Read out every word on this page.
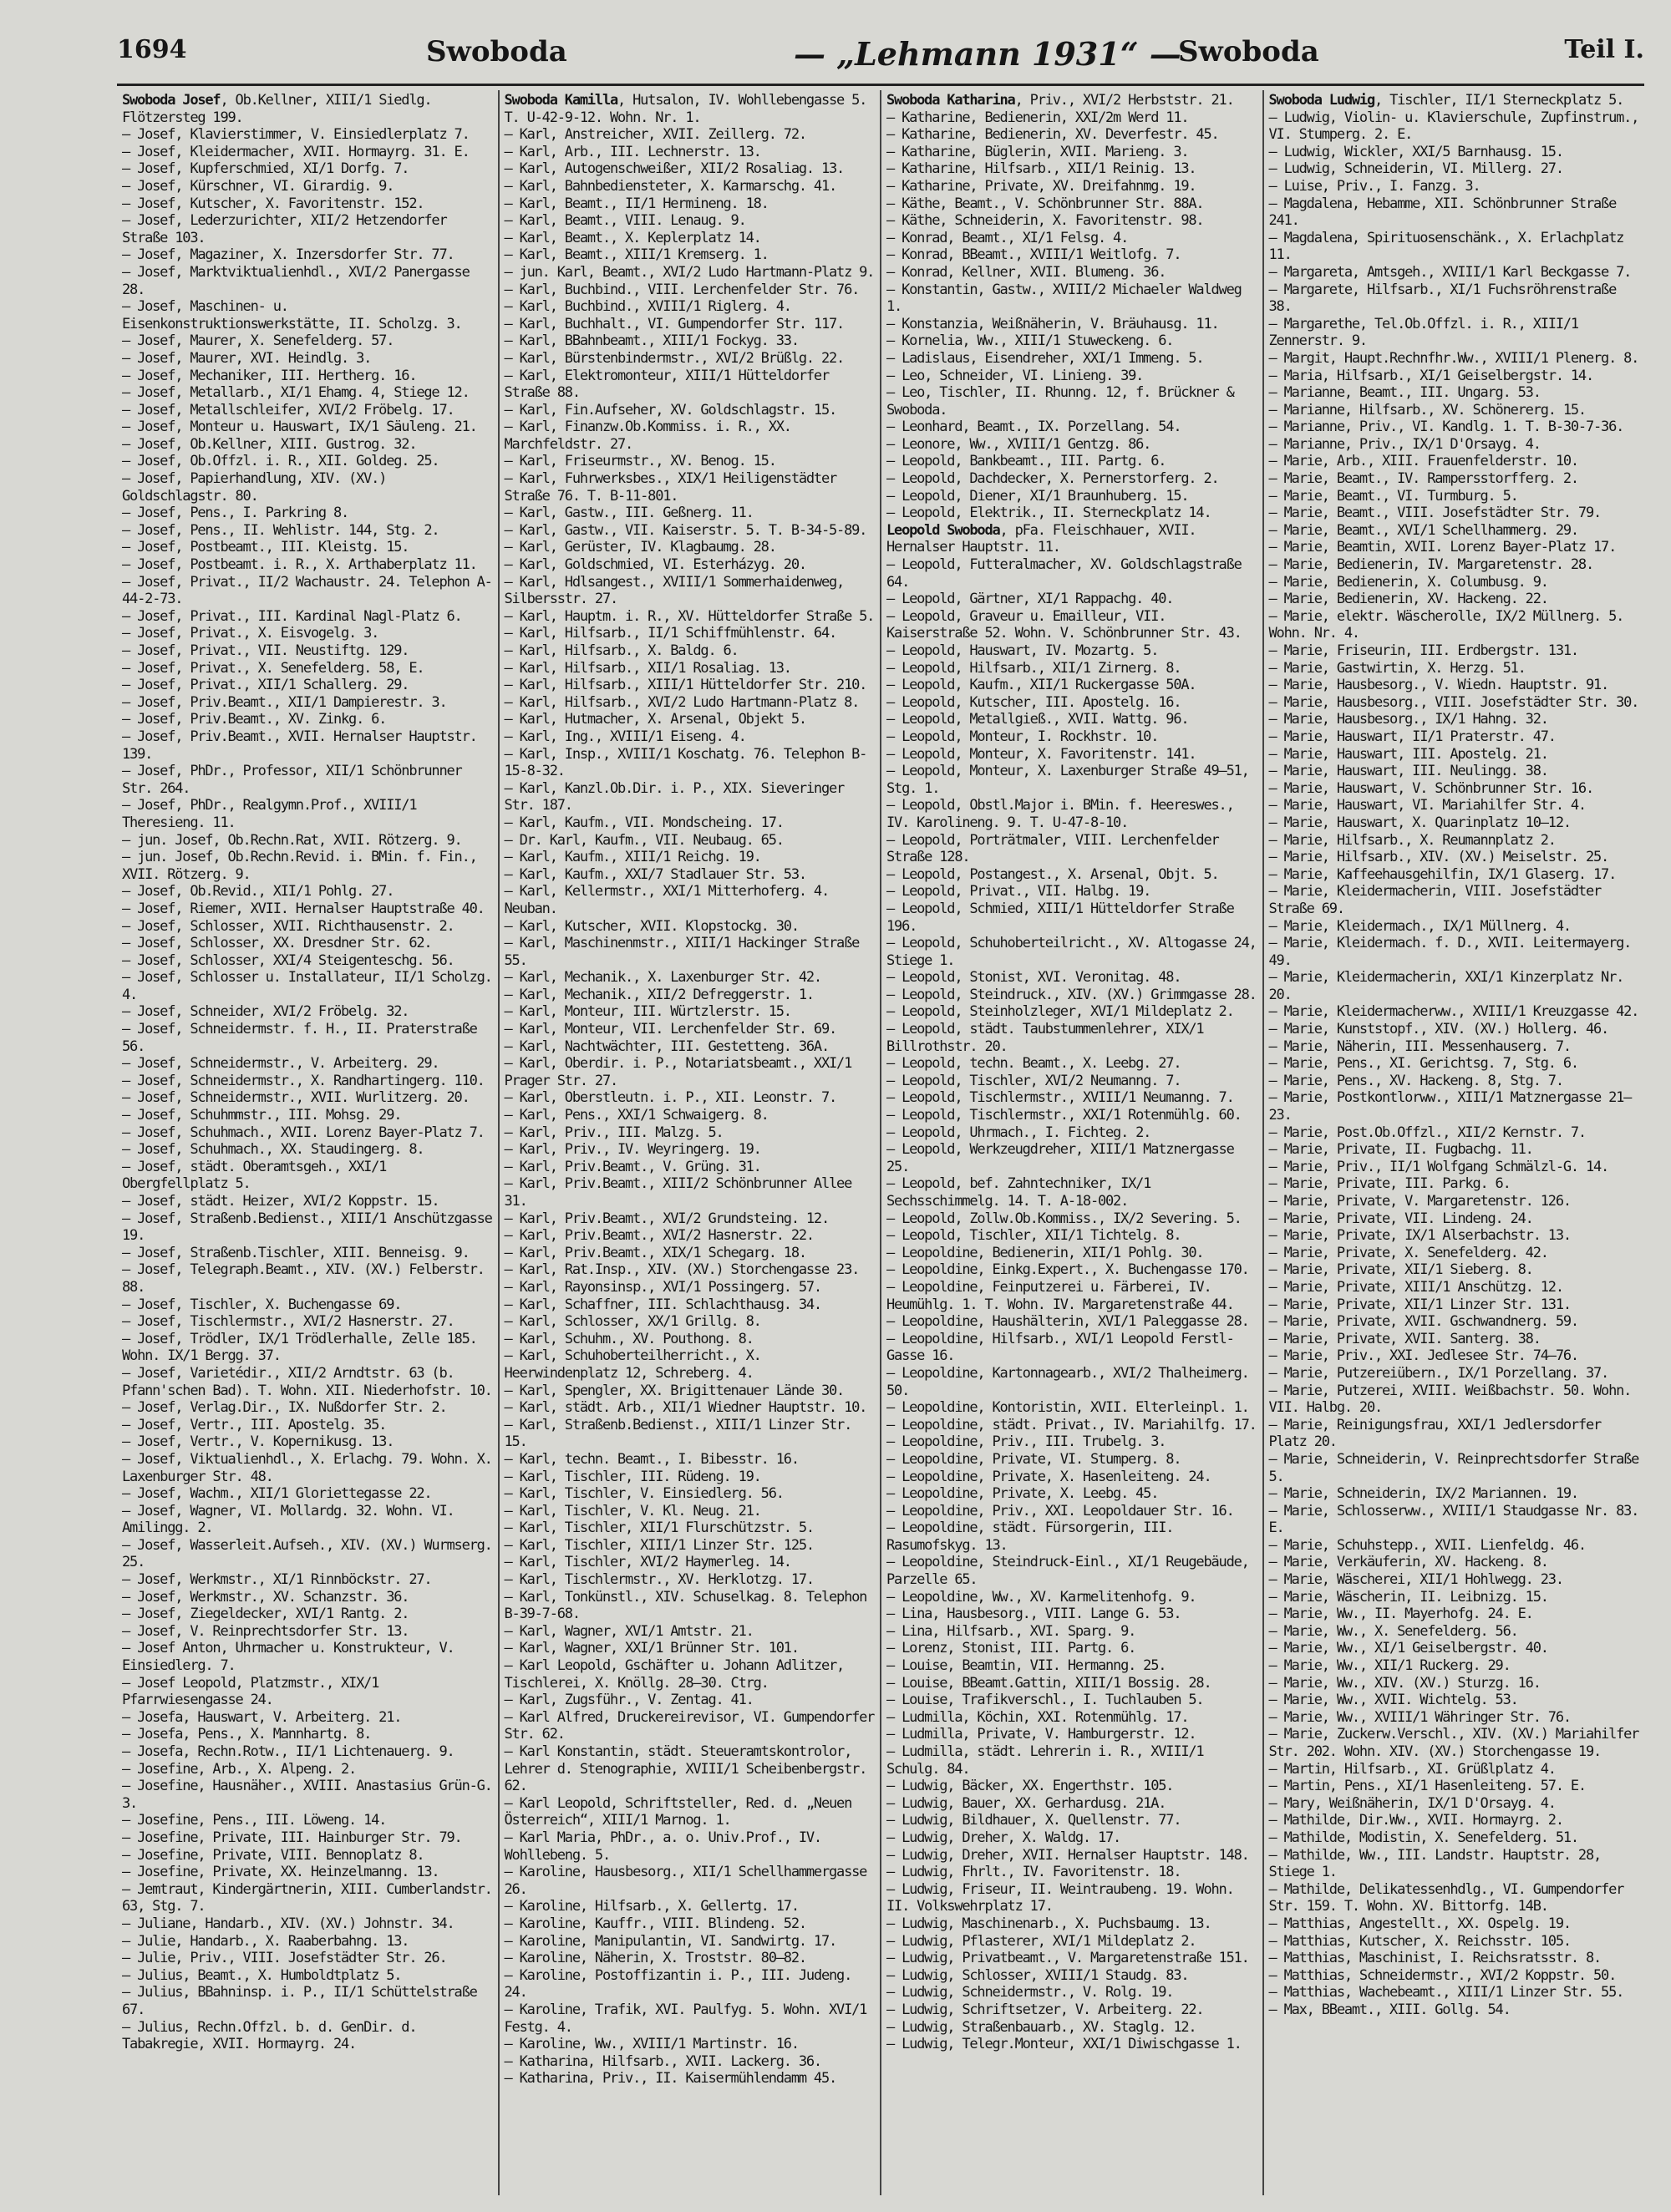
1694	Swoboda	— „Lehmann 1931“ —
Swoboda	Teil I.
Swoboda Josef, Ob.Kellner, XIII/1 Siedlg. Flötzersteg 199.
— Josef, Klavierstimmer, V. Einsiedlerplatz 7.
— Josef, Kleidermacher, XVII. Hormayrg. 31. E.
— Josef, Kupferschmied, XI/1 Dorfg. 7.
— Josef, Kürschner, VI. Girardig. 9.
— Josef, Kutscher, X. Favoritenstr. 152.
— Josef, Lederzurichter, XII/2 Hetzendorfer Straße 103.
— Josef, Magaziner, X. Inzersdorfer Str. 77.
— Josef, Marktviktualienhdl., XVI/2 Panergasse 28.
— Josef, Maschinen- u. Eisenkonstruktionswerkstätte, II. Scholzg. 3.
— Josef, Maurer, X. Senefelderg. 57.
— Josef, Maurer, XVI. Heindlg. 3.
— Josef, Mechaniker, III. Hertherg. 16.
— Josef, Metallarb., XI/1 Ehamg. 4, Stiege 12.
— Josef, Metallschleifer, XVI/2 Fröbelg. 17.
— Josef, Monteur u. Hauswart, IX/1 Säuleng. 21.
— Josef, Ob.Kellner, XIII. Gustrog. 32.
— Josef, Ob.Offzl. i. R., XII. Goldeg. 25.
— Josef, Papierhandlung, XIV. (XV.) Goldschlagstr. 80.
— Josef, Pens., I. Parkring 8.
— Josef, Pens., II. Wehlistr. 144, Stg. 2.
— Josef, Postbeamt., III. Kleistg. 15.
— Josef, Postbeamt. i. R., X. Arthaberplatz 11.
— Josef, Privat., II/2 Wachaustr. 24. Telephon A-44-2-73.
— Josef, Privat., III. Kardinal Nagl-Platz 6.
— Josef, Privat., X. Eisvogelg. 3.
— Josef, Privat., VII. Neustiftg. 129.
— Josef, Privat., X. Senefelderg. 58, E.
— Josef, Privat., XII/1 Schallerg. 29.
— Josef, Priv.Beamt., XII/1 Dampierestr. 3.
— Josef, Priv.Beamt., XV. Zinkg. 6.
— Josef, Priv.Beamt., XVII. Hernalser Hauptstr. 139.
— Josef, PhDr., Professor, XII/1 Schönbrunner Str. 264.
— Josef, PhDr., Realgymn.Prof., XVIII/1 Theresieng. 11.
— jun. Josef, Ob.Rechn.Rat, XVII. Rötzerg. 9.
— jun. Josef, Ob.Rechn.Revid. i. BMin. f. Fin., XVII. Rötzerg. 9.
— Josef, Ob.Revid., XII/1 Pohlg. 27.
— Josef, Riemer, XVII. Hernalser Hauptstraße 40.
— Josef, Schlosser, XVII. Richthausenstr. 2.
— Josef, Schlosser, XX. Dresdner Str. 62.
— Josef, Schlosser, XXI/4 Steigenteschg. 56.
— Josef, Schlosser u. Installateur, II/1 Scholzg. 4.
— Josef, Schneider, XVI/2 Fröbelg. 32.
— Josef, Schneidermstr. f. H., II. Praterstraße 56.
— Josef, Schneidermstr., V. Arbeiterg. 29.
— Josef, Schneidermstr., X. Randhartingerg. 110.
— Josef, Schneidermstr., XVII. Wurlitzerg. 20.
— Josef, Schuhmmstr., III. Mohsg. 29.
— Josef, Schuhmach., XVII. Lorenz Bayer-Platz 7.
— Josef, Schuhmach., XX. Staudingerg. 8.
— Josef, städt. Oberamtsgeh., XXI/1 Obergfellplatz 5.
— Josef, städt. Heizer, XVI/2 Koppstr. 15.
— Josef, Straßenb.Bedienst., XIII/1 Anschützgasse 19.
— Josef, Straßenb.Tischler, XIII. Benneisg. 9.
— Josef, Telegraph.Beamt., XIV. (XV.) Felberstr. 88.
— Josef, Tischler, X. Buchengasse 69.
— Josef, Tischlermstr., XVI/2 Hasnerstr. 27.
— Josef, Trödler, IX/1 Trödlerhalle, Zelle 185. Wohn. IX/1 Bergg. 37.
— Josef, Varietédir., XII/2 Arndtstr. 63 (b. Pfann'schen Bad). T. Wohn. XII. Niederhofstr. 10.
— Josef, Verlag.Dir., IX. Nußdorfer Str. 2.
— Josef, Vertr., III. Apostelg. 35.
— Josef, Vertr., V. Kopernikusg. 13.
— Josef, Viktualienhdl., X. Erlachg. 79. Wohn. X. Laxenburger Str. 48.
— Josef, Wachm., XII/1 Gloriettegasse 22.
— Josef, Wagner, VI. Mollardg. 32. Wohn. VI. Amilingg. 2.
— Josef, Wasserleit.Aufseh., XIV. (XV.) Wurmserg. 25.
— Josef, Werkmstr., XI/1 Rinnböckstr. 27.
— Josef, Werkmstr., XV. Schanzstr. 36.
— Josef, Ziegeldecker, XVI/1 Rantg. 2.
— Josef, V. Reinprechtsdorfer Str. 13.
— Josef Anton, Uhrmacher u. Konstrukteur, V. Einsiedlerg. 7.
— Josef Leopold, Platzmstr., XIX/1 Pfarrwiesengasse 24.
— Josefa, Hauswart, V. Arbeiterg. 21.
— Josefa, Pens., X. Mannhartg. 8.
— Josefa, Rechn.Rotw., II/1 Lichtenauerg. 9.
— Josefine, Arb., X. Alpeng. 2.
— Josefine, Hausnäher., XVIII. Anastasius Grün-G. 3.
— Josefine, Pens., III. Löweng. 14.
— Josefine, Private, III. Hainburger Str. 79.
— Josefine, Private, VIII. Bennoplatz 8.
— Josefine, Private, XX. Heinzelmanng. 13.
— Jemtraut, Kindergärtnerin, XIII. Cumberlandstr. 63, Stg. 7.
— Juliane, Handarb., XIV. (XV.) Johnstr. 34.
— Julie, Handarb., X. Raaberbahng. 13.
— Julie, Priv., VIII. Josefstädter Str. 26.
— Julius, Beamt., X. Humboldtplatz 5.
— Julius, BBahninsp. i. P., II/1 Schüttelstraße 67.
— Julius, Rechn.Offzl. b. d. GenDir. d. Tabakregie, XVII. Hormayrg. 24.
Swoboda Kamilla, Hutsalon, IV. Wohllebengasse 5. T. U-42-9-12. Wohn. Nr. 1.
— Karl, Anstreicher, XVII. Zeillerg. 72.
— Karl, Arb., III. Lechnerstr. 13.
— Karl, Autogenschweißer, XII/2 Rosaliag. 13.
— Karl, Bahnbediensteter, X. Karmarschg. 41.
— Karl, Beamt., II/1 Hermineng. 18.
— Karl, Beamt., VIII. Lenaug. 9.
— Karl, Beamt., X. Keplerplatz 14.
— Karl, Beamt., XIII/1 Kremserg. 1.
— jun. Karl, Beamt., XVI/2 Ludo Hartmann-Platz 9.
— Karl, Buchbind., VIII. Lerchenfelder Str. 76.
— Karl, Buchbind., XVIII/1 Riglerg. 4.
— Karl, Buchhalt., VI. Gumpendorfer Str. 117.
— Karl, BBahnbeamt., XIII/1 Fockyg. 33.
— Karl, Bürstenbindermstr., XVI/2 Brüßlg. 22.
— Karl, Elektromonteur, XIII/1 Hütteldorfer Straße 88.
— Karl, Fin.Aufseher, XV. Goldschlagstr. 15.
— Karl, Finanzw.Ob.Kommiss. i. R., XX. Marchfeldstr. 27.
— Karl, Friseurmstr., XV. Benog. 15.
— Karl, Fuhrwerksbes., XIX/1 Heiligenstädter Straße 76. T. B-11-801.
— Karl, Gastw., III. Geßnerg. 11.
— Karl, Gastw., VII. Kaiserstr. 5. T. B-34-5-89.
— Karl, Gerüster, IV. Klagbaumg. 28.
— Karl, Goldschmied, VI. Esterházyg. 20.
— Karl, Hdlsangest., XVIII/1 Sommerhaidenweg, Silbersstr. 27.
— Karl, Hauptm. i. R., XV. Hütteldorfer Straße 5.
— Karl, Hilfsarb., II/1 Schiffmühlenstr. 64.
— Karl, Hilfsarb., X. Baldg. 6.
— Karl, Hilfsarb., XII/1 Rosaliag. 13.
— Karl, Hilfsarb., XIII/1 Hütteldorfer Str. 210.
— Karl, Hilfsarb., XVI/2 Ludo Hartmann-Platz 8.
— Karl, Hutmacher, X. Arsenal, Objekt 5.
— Karl, Ing., XVIII/1 Eiseng. 4.
— Karl, Insp., XVIII/1 Koschatg. 76. Telephon B-15-8-32.
— Karl, Kanzl.Ob.Dir. i. P., XIX. Sieveringer Str. 187.
— Karl, Kaufm., VII. Mondscheing. 17.
— Dr. Karl, Kaufm., VII. Neubaug. 65.
— Karl, Kaufm., XIII/1 Reichg. 19.
— Karl, Kaufm., XXI/7 Stadlauer Str. 53.
— Karl, Kellermstr., XXI/1 Mitterhoferg. 4. Neuban.
— Karl, Kutscher, XVII. Klopstockg. 30.
— Karl, Maschinenmstr., XIII/1 Hackinger Straße 55.
— Karl, Mechanik., X. Laxenburger Str. 42.
— Karl, Mechanik., XII/2 Defreggerstr. 1.
— Karl, Monteur, III. Würtzlerstr. 15.
— Karl, Monteur, VII. Lerchenfelder Str. 69.
— Karl, Nachtwächter, III. Gestetteng. 36A.
— Karl, Oberdir. i. P., Notariatsbeamt., XXI/1 Prager Str. 27.
— Karl, Oberstleutn. i. P., XII. Leonstr. 7.
— Karl, Pens., XXI/1 Schwaigerg. 8.
— Karl, Priv., III. Malzg. 5.
— Karl, Priv., IV. Weyringerg. 19.
— Karl, Priv.Beamt., V. Grüng. 31.
— Karl, Priv.Beamt., XIII/2 Schönbrunner Allee 31.
— Karl, Priv.Beamt., XVI/2 Grundsteing. 12.
— Karl, Priv.Beamt., XVI/2 Hasnerstr. 22.
— Karl, Priv.Beamt., XIX/1 Schegarg. 18.
— Karl, Rat.Insp., XIV. (XV.) Storchengasse 23.
— Karl, Rayonsinsp., XVI/1 Possingerg. 57.
— Karl, Schaffner, III. Schlachthausg. 34.
— Karl, Schlosser, XX/1 Grillg. 8.
— Karl, Schuhm., XV. Pouthong. 8.
— Karl, Schuhoberteilherricht., X. Heerwindenplatz 12, Schreberg. 4.
— Karl, Spengler, XX. Brigittenauer Lände 30.
— Karl, städt. Arb., XII/1 Wiedner Hauptstr. 10.
— Karl, Straßenb.Bedienst., XIII/1 Linzer Str. 15.
— Karl, techn. Beamt., I. Bibesstr. 16.
— Karl, Tischler, III. Rüdeng. 19.
— Karl, Tischler, V. Einsiedlerg. 56.
— Karl, Tischler, V. Kl. Neug. 21.
— Karl, Tischler, XII/1 Flurschützstr. 5.
— Karl, Tischler, XIII/1 Linzer Str. 125.
— Karl, Tischler, XVI/2 Haymerleg. 14.
— Karl, Tischlermstr., XV. Herklotzg. 17.
— Karl, Tonkünstl., XIV. Schuselkag. 8. Telephon B-39-7-68.
— Karl, Wagner, XVI/1 Amtstr. 21.
— Karl, Wagner, XXI/1 Brünner Str. 101.
— Karl Leopold, Gschäfter u. Johann Adlitzer, Tischlerei, X. Knöllg. 28—30. Ctrg.
— Karl, Zugsführ., V. Zentag. 41.
— Karl Alfred, Druckereirevisor, VI. Gumpendorfer Str. 62.
— Karl Konstantin, städt. Steueramtskontrolor, Lehrer d. Stenographie, XVIII/1 Scheibenbergstr. 62.
— Karl Leopold, Schriftsteller, Red. d. „Neuen Österreich“, XIII/1 Marnog. 1.
— Karl Maria, PhDr., a. o. Univ.Prof., IV. Wohllebeng. 5.
— Karoline, Hausbesorg., XII/1 Schellhammergasse 26.
— Karoline, Hilfsarb., X. Gellertg. 17.
— Karoline, Kauffr., VIII. Blindeng. 52.
— Karoline, Manipulantin, VI. Sandwirtg. 17.
— Karoline, Näherin, X. Troststr. 80—82.
— Karoline, Postoffizantin i. P., III. Judeng. 24.
— Karoline, Trafik, XVI. Paulfyg. 5. Wohn. XVI/1 Festg. 4.
— Karoline, Ww., XVIII/1 Martinstr. 16.
— Katharina, Hilfsarb., XVII. Lackerg. 36.
— Katharina, Priv., II. Kaisermühlendamm 45.
Swoboda Katharina, Priv., XVI/2 Herbststr. 21.
— Katharine, Bedienerin, XXI/2m Werd 11.
— Katharine, Bedienerin, XV. Deverfestr. 45.
— Katharine, Büglerin, XVII. Marieng. 3.
— Katharine, Hilfsarb., XII/1 Reinig. 13.
— Katharine, Private, XV. Dreifahnmg. 19.
— Käthe, Beamt., V. Schönbrunner Str. 88A.
— Käthe, Schneiderin, X. Favoritenstr. 98.
— Konrad, Beamt., XI/1 Felsg. 4.
— Konrad, BBeamt., XVIII/1 Weitlofg. 7.
— Konrad, Kellner, XVII. Blumeng. 36.
— Konstantin, Gastw., XVIII/2 Michaeler Waldweg 1.
— Konstanzia, Weißnäherin, V. Bräuhausg. 11.
— Kornelia, Ww., XIII/1 Stuweckeng. 6.
— Ladislaus, Eisendreher, XXI/1 Immeng. 5.
— Leo, Schneider, VI. Linieng. 39.
— Leo, Tischler, II. Rhunng. 12, f. Brückner & Swoboda.
— Leonhard, Beamt., IX. Porzellang. 54.
— Leonore, Ww., XVIII/1 Gentzg. 86.
— Leopold, Bankbeamt., III. Partg. 6.
— Leopold, Dachdecker, X. Pernerstorferg. 2.
— Leopold, Diener, XI/1 Braunhuberg. 15.
— Leopold, Elektrik., II. Sterneckplatz 14.
Leopold Swoboda, pFa. Fleischhauer, XVII. Hernalser Hauptstr. 11.
— Leopold, Futteralmacher, XV. Goldschlagstraße 64.
— Leopold, Gärtner, XI/1 Rappachg. 40.
— Leopold, Graveur u. Emailleur, VII. Kaiserstraße 52. Wohn. V. Schönbrunner Str. 43.
— Leopold, Hauswart, IV. Mozartg. 5.
— Leopold, Hilfsarb., XII/1 Zirnerg. 8.
— Leopold, Kaufm., XII/1 Ruckergasse 50A.
— Leopold, Kutscher, III. Apostelg. 16.
— Leopold, Metallgieß., XVII. Wattg. 96.
— Leopold, Monteur, I. Rockhstr. 10.
— Leopold, Monteur, X. Favoritenstr. 141.
— Leopold, Monteur, X. Laxenburger Straße 49—51, Stg. 1.
— Leopold, Obstl.Major i. BMin. f. Heereswes., IV. Karolineng. 9. T. U-47-8-10.
— Leopold, Porträtmaler, VIII. Lerchenfelder Straße 128.
— Leopold, Postangest., X. Arsenal, Objt. 5.
— Leopold, Privat., VII. Halbg. 19.
— Leopold, Schmied, XIII/1 Hütteldorfer Straße 196.
— Leopold, Schuhoberteilricht., XV. Altogasse 24, Stiege 1.
— Leopold, Stonist, XVI. Veronitag. 48.
— Leopold, Steindruck., XIV. (XV.) Grimmgasse 28.
— Leopold, Steinholzleger, XVI/1 Mildeplatz 2.
— Leopold, städt. Taubstummenlehrer, XIX/1 Billrothstr. 20.
— Leopold, techn. Beamt., X. Leebg. 27.
— Leopold, Tischler, XVI/2 Neumanng. 7.
— Leopold, Tischlermstr., XVIII/1 Neumanng. 7.
— Leopold, Tischlermstr., XXI/1 Rotenmühlg. 60.
— Leopold, Uhrmach., I. Fichteg. 2.
— Leopold, Werkzeugdreher, XIII/1 Matznergasse 25.
— Leopold, bef. Zahntechniker, IX/1 Sechsschimmelg. 14. T. A-18-002.
— Leopold, Zollw.Ob.Kommiss., IX/2 Severing. 5.
— Leopold, Tischler, XII/1 Tichtelg. 8.
— Leopoldine, Bedienerin, XII/1 Pohlg. 30.
— Leopoldine, Einkg.Expert., X. Buchengasse 170.
— Leopoldine, Feinputzerei u. Färberei, IV. Heumühlg. 1. T. Wohn. IV. Margaretenstraße 44.
— Leopoldine, Haushälterin, XVI/1 Paleggasse 28.
— Leopoldine, Hilfsarb., XVI/1 Leopold Ferstl-Gasse 16.
— Leopoldine, Kartonnagearb., XVI/2 Thalheimerg. 50.
— Leopoldine, Kontoristin, XVII. Elterleinpl. 1.
— Leopoldine, städt. Privat., IV. Mariahilfg. 17.
— Leopoldine, Priv., III. Trubelg. 3.
— Leopoldine, Private, VI. Stumperg. 8.
— Leopoldine, Private, X. Hasenleiteng. 24.
— Leopoldine, Private, X. Leebg. 45.
— Leopoldine, Priv., XXI. Leopoldauer Str. 16.
— Leopoldine, städt. Fürsorgerin, III. Rasumofskyg. 13.
— Leopoldine, Steindruck-Einl., XI/1 Reugebäude, Parzelle 65.
— Leopoldine, Ww., XV. Karmelitenhofg. 9.
— Lina, Hausbesorg., VIII. Lange G. 53.
— Lina, Hilfsarb., XVI. Sparg. 9.
— Lorenz, Stonist, III. Partg. 6.
— Louise, Beamtin, VII. Hermanng. 25.
— Louise, BBeamt.Gattin, XIII/1 Bossig. 28.
— Louise, Trafikverschl., I. Tuchlauben 5.
— Ludmilla, Köchin, XXI. Rotenmühlg. 17.
— Ludmilla, Private, V. Hamburgerstr. 12.
— Ludmilla, städt. Lehrerin i. R., XVIII/1 Schulg. 84.
— Ludwig, Bäcker, XX. Engerthstr. 105.
— Ludwig, Bauer, XX. Gerhardusg. 21A.
— Ludwig, Bildhauer, X. Quellenstr. 77.
— Ludwig, Dreher, X. Waldg. 17.
— Ludwig, Dreher, XVII. Hernalser Hauptstr. 148.
— Ludwig, Fhrlt., IV. Favoritenstr. 18.
— Ludwig, Friseur, II. Weintraubeng. 19. Wohn. II. Volkswehrplatz 17.
— Ludwig, Maschinenarb., X. Puchsbaumg. 13.
— Ludwig, Pflasterer, XVI/1 Mildeplatz 2.
— Ludwig, Privatbeamt., V. Margaretenstraße 151.
— Ludwig, Schlosser, XVIII/1 Staudg. 83.
— Ludwig, Schneidermstr., V. Rolg. 19.
— Ludwig, Schriftsetzer, V. Arbeiterg. 22.
— Ludwig, Straßenbauarb., XV. Staglg. 12.
— Ludwig, Telegr.Monteur, XXI/1 Diwischgasse 1.
Swoboda Ludwig, Tischler, II/1 Sterneckplatz 5.
— Ludwig, Violin- u. Klavierschule, Zupfinstrum., VI. Stumperg. 2. E.
— Ludwig, Wickler, XXI/5 Barnhausg. 15.
— Ludwig, Schneiderin, VI. Millerg. 27.
— Luise, Priv., I. Fanzg. 3.
— Magdalena, Hebamme, XII. Schönbrunner Straße 241.
— Magdalena, Spirituosenschänk., X. Erlachplatz 11.
— Margareta, Amtsgeh., XVIII/1 Karl Beckgasse 7.
— Margarete, Hilfsarb., XI/1 Fuchsröhrenstraße 38.
— Margarethe, Tel.Ob.Offzl. i. R., XIII/1 Zennerstr. 9.
— Margit, Haupt.Rechnfhr.Ww., XVIII/1 Plenerg. 8.
— Maria, Hilfsarb., XI/1 Geiselbergstr. 14.
— Marianne, Beamt., III. Ungarg. 53.
— Marianne, Hilfsarb., XV. Schönererg. 15.
— Marianne, Priv., VI. Kandlg. 1. T. B-30-7-36.
— Marianne, Priv., IX/1 D'Orsayg. 4.
— Marie, Arb., XIII. Frauenfelderstr. 10.
— Marie, Beamt., IV. Rampersstorfferg. 2.
— Marie, Beamt., VI. Turmburg. 5.
— Marie, Beamt., VIII. Josefstädter Str. 79.
— Marie, Beamt., XVI/1 Schellhammerg. 29.
— Marie, Beamtin, XVII. Lorenz Bayer-Platz 17.
— Marie, Bedienerin, IV. Margaretenstr. 28.
— Marie, Bedienerin, X. Columbusg. 9.
— Marie, Bedienerin, XV. Hackeng. 22.
— Marie, elektr. Wäscherolle, IX/2 Müllnerg. 5. Wohn. Nr. 4.
— Marie, Friseurin, III. Erdbergstr. 131.
— Marie, Gastwirtin, X. Herzg. 51.
— Marie, Hausbesorg., V. Wiedn. Hauptstr. 91.
— Marie, Hausbesorg., VIII. Josefstädter Str. 30.
— Marie, Hausbesorg., IX/1 Hahng. 32.
— Marie, Hauswart, II/1 Praterstr. 47.
— Marie, Hauswart, III. Apostelg. 21.
— Marie, Hauswart, III. Neulingg. 38.
— Marie, Hauswart, V. Schönbrunner Str. 16.
— Marie, Hauswart, VI. Mariahilfer Str. 4.
— Marie, Hauswart, X. Quarinplatz 10—12.
— Marie, Hilfsarb., X. Reumannplatz 2.
— Marie, Hilfsarb., XIV. (XV.) Meiselstr. 25.
— Marie, Kaffeehausgehilfin, IX/1 Glaserg. 17.
— Marie, Kleidermacherin, VIII. Josefstädter Straße 69.
— Marie, Kleidermach., IX/1 Müllnerg. 4.
— Marie, Kleidermach. f. D., XVII. Leitermayerg. 49.
— Marie, Kleidermacherin, XXI/1 Kinzerplatz Nr. 20.
— Marie, Kleidermacherww., XVIII/1 Kreuzgasse 42.
— Marie, Kunststopf., XIV. (XV.) Hollerg. 46.
— Marie, Näherin, III. Messenhauserg. 7.
— Marie, Pens., XI. Gerichtsg. 7, Stg. 6.
— Marie, Pens., XV. Hackeng. 8, Stg. 7.
— Marie, Postkontlorww., XIII/1 Matznergasse 21—23.
— Marie, Post.Ob.Offzl., XII/2 Kernstr. 7.
— Marie, Private, II. Fugbachg. 11.
— Marie, Priv., II/1 Wolfgang Schmälzl-G. 14.
— Marie, Private, III. Parkg. 6.
— Marie, Private, V. Margaretenstr. 126.
— Marie, Private, VII. Lindeng. 24.
— Marie, Private, IX/1 Alserbachstr. 13.
— Marie, Private, X. Senefelderg. 42.
— Marie, Private, XII/1 Sieberg. 8.
— Marie, Private, XIII/1 Anschützg. 12.
— Marie, Private, XII/1 Linzer Str. 131.
— Marie, Private, XVII. Gschwandnerg. 59.
— Marie, Private, XVII. Santerg. 38.
— Marie, Priv., XXI. Jedlesee Str. 74—76.
— Marie, Putzereiübern., IX/1 Porzellang. 37.
— Marie, Putzerei, XVIII. Weißbachstr. 50. Wohn. VII. Halbg. 20.
— Marie, Reinigungsfrau, XXI/1 Jedlersdorfer Platz 20.
— Marie, Schneiderin, V. Reinprechtsdorfer Straße 5.
— Marie, Schneiderin, IX/2 Mariannen. 19.
— Marie, Schlosserww., XVIII/1 Staudgasse Nr. 83. E.
— Marie, Schuhstepp., XVII. Lienfeldg. 46.
— Marie, Verkäuferin, XV. Hackeng. 8.
— Marie, Wäscherei, XII/1 Hohlwegg. 23.
— Marie, Wäscherin, II. Leibnizg. 15.
— Marie, Ww., II. Mayerhofg. 24. E.
— Marie, Ww., X. Senefelderg. 56.
— Marie, Ww., XI/1 Geiselbergstr. 40.
— Marie, Ww., XII/1 Ruckerg. 29.
— Marie, Ww., XIV. (XV.) Sturzg. 16.
— Marie, Ww., XVII. Wichtelg. 53.
— Marie, Ww., XVIII/1 Währinger Str. 76.
— Marie, Zuckerw.Verschl., XIV. (XV.) Mariahilfer Str. 202. Wohn. XIV. (XV.) Storchengasse 19.
— Martin, Hilfsarb., XI. Grüßlplatz 4.
— Martin, Pens., XI/1 Hasenleiteng. 57. E.
— Mary, Weißnäherin, IX/1 D'Orsayg. 4.
— Mathilde, Dir.Ww., XVII. Hormayrg. 2.
— Mathilde, Modistin, X. Senefelderg. 51.
— Mathilde, Ww., III. Landstr. Hauptstr. 28, Stiege 1.
— Mathilde, Delikatessenhdlg., VI. Gumpendorfer Str. 159. T. Wohn. XV. Bittorfg. 14B.
— Matthias, Angestellt., XX. Ospelg. 19.
— Matthias, Kutscher, X. Reichsstr. 105.
— Matthias, Maschinist, I. Reichsratsstr. 8.
— Matthias, Schneidermstr., XVI/2 Koppstr. 50.
— Matthias, Wachebeamt., XIII/1 Linzer Str. 55.
— Max, BBeamt., XIII. Gollg. 54.
